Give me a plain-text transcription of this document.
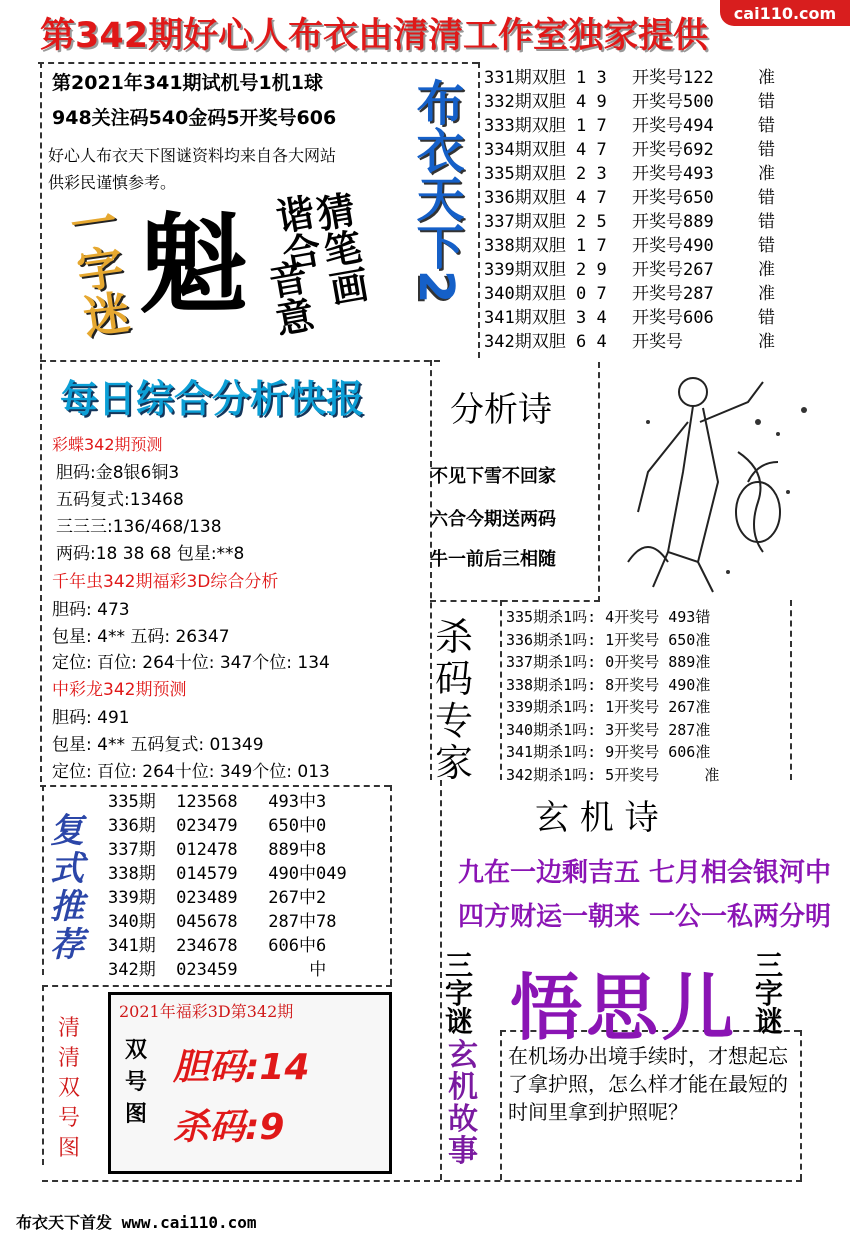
第342期好心人布衣由清清工作室独家提供
cai110.com
第2021年341期试机号1机1球
948关注码540金码5开奖号606
好心人布衣天下图谜资料均来自各大网站
供彩民谨慎参考。
一字迷 魁 音意
谐合
猜笔画 布衣天下2 331期双胆 1 3 开奖号122	准
332期双胆 4 9 开奖号500	错
333期双胆 1 7 开奖号494	错
334期双胆 4 7 开奖号692	错
335期双胆 2 3 开奖号493	准
336期双胆 4 7 开奖号650	错
337期双胆 2 5 开奖号889	错
338期双胆 1 7 开奖号490	错
339期双胆 2 9 开奖号267	准
340期双胆 0 7 开奖号287	准
341期双胆 3 4 开奖号606	错
342期双胆 6 4 开奖号	准
每日综合分析快报
彩蝶342期预测
胆码:金8银6铜3
五码复式:13468
三三三:136/468/138
两码:18 38 68 包星:**8
千年虫342期福彩3D综合分析
胆码: 473
包星: 4** 五码: 26347
定位: 百位: 264十位: 347个位: 134
中彩龙342期预测
胆码: 491
包星: 4** 五码复式: 01349
定位: 百位: 264十位: 349个位: 013
分析诗
不见下雪不回家
六合今期送两码
牛一前后三相随
杀码专家
335期杀1吗: 4开奖号 493错
336期杀1吗: 1开奖号 650准
337期杀1吗: 0开奖号 889准
338期杀1吗: 8开奖号 490准
339期杀1吗: 1开奖号 267准
340期杀1吗: 3开奖号 287准
341期杀1吗: 9开奖号 606准
342期杀1吗: 5开奖号     准
复式推荐
335期  123568   493中3
336期  023479   650中0
337期  012478   889中8
338期  014579   490中049
339期  023489   267中2
340期  045678   287中78
341期  234678   606中6
342期  023459       中
玄 机 诗
九在一边剩吉五 七月相会银河中
四方财运一朝来 一公一私两分明
三字谜 悟思儿
三字谜
玄机故事
在机场办出境手续时，才想起忘了拿护照，怎么样才能在最短的时间里拿到护照呢？
清清双号图
2021年福彩3D第342期
双号图
胆码:14
杀码:9
布衣天下首发 www.cai110.com
